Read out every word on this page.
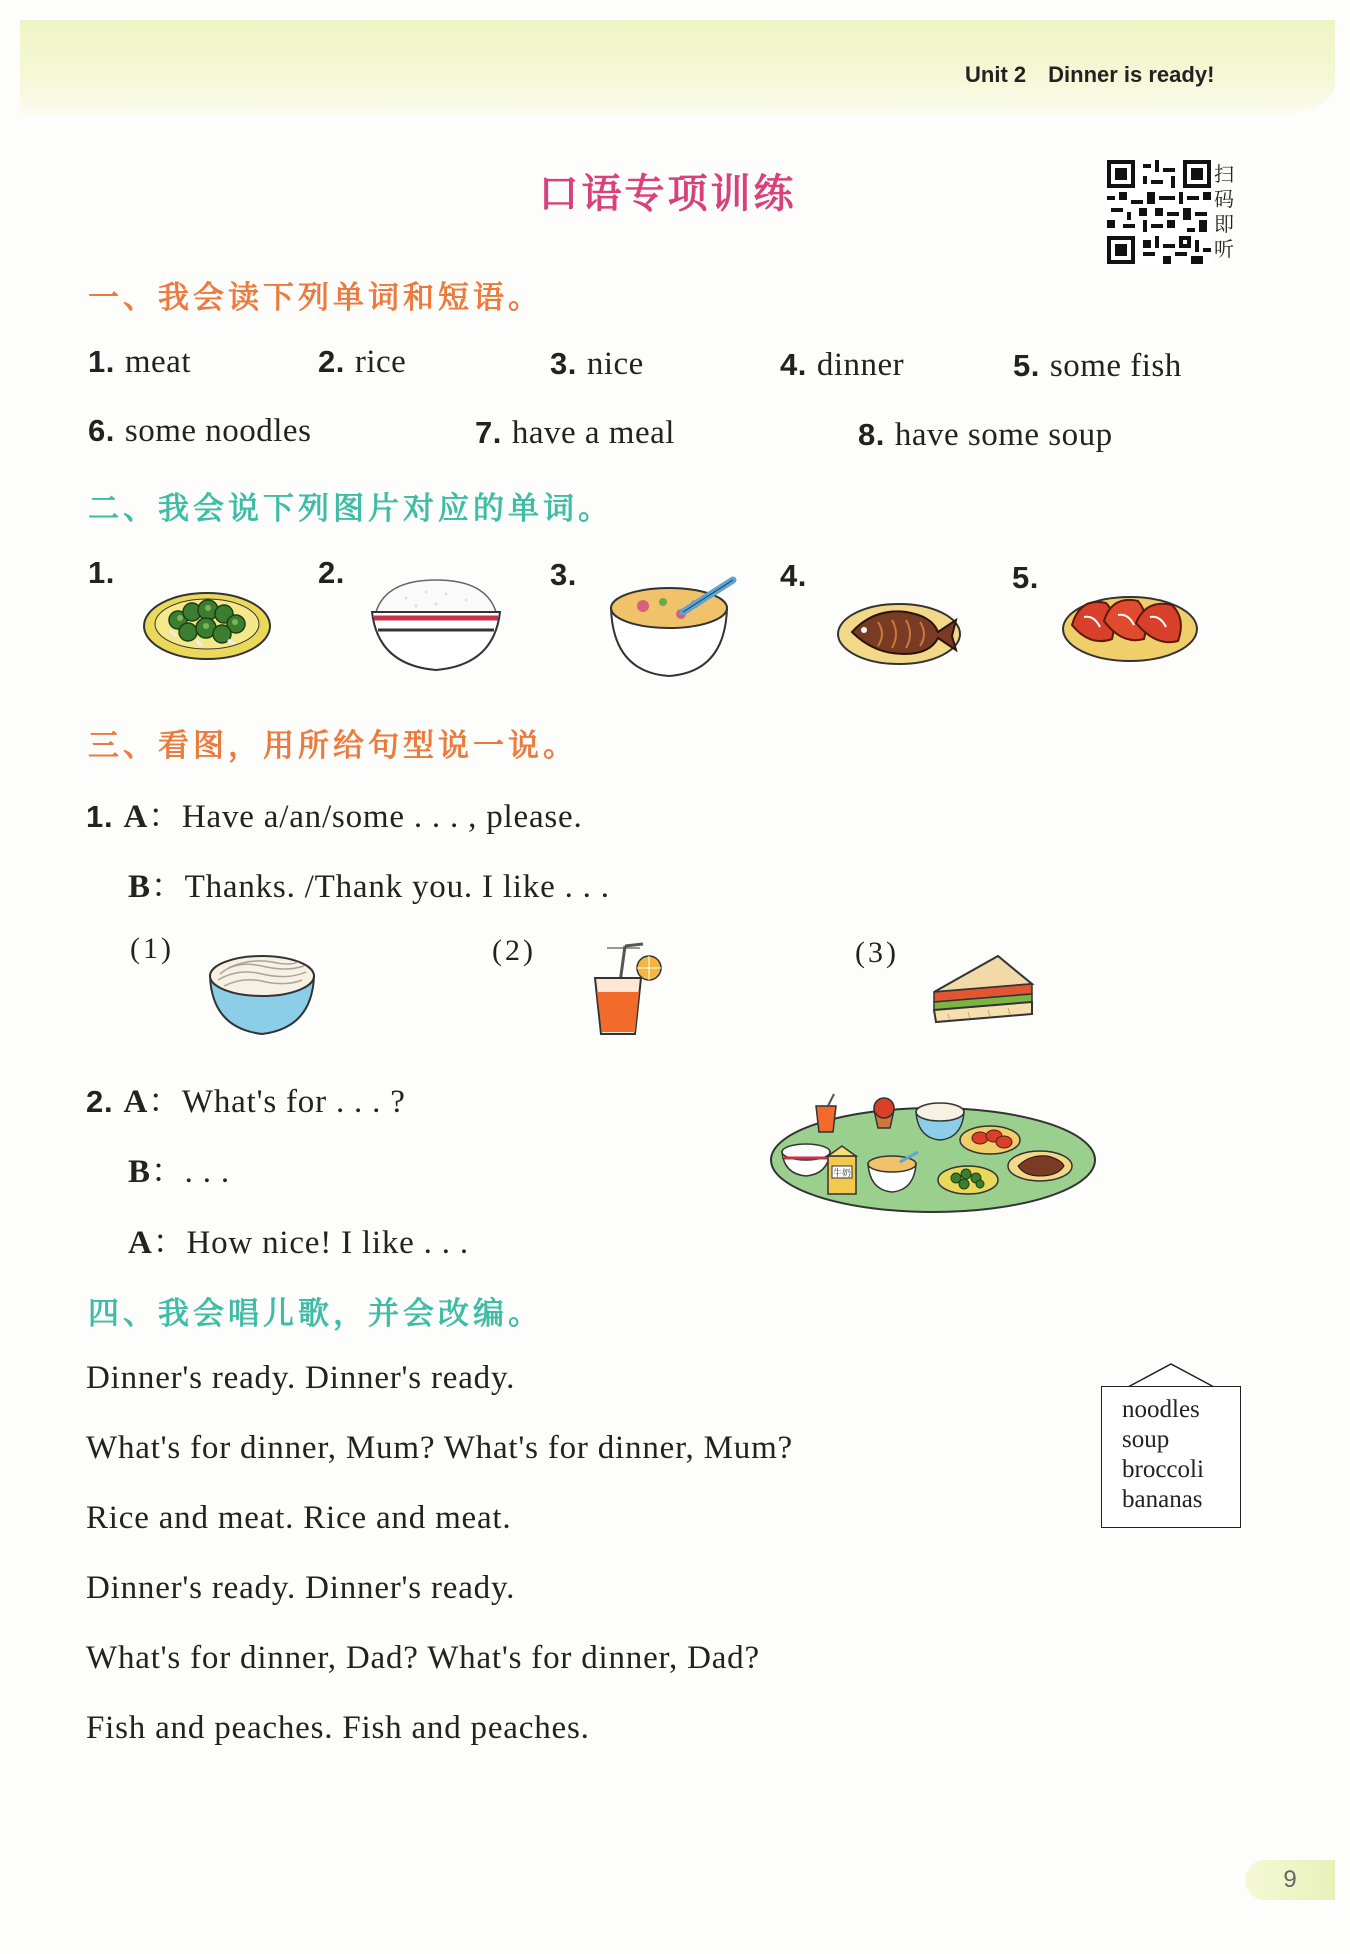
Unit 2 Dinner is ready!
口语专项训练	扫
码
即
听
一、我会读下列单词和短语。
1. meat	2. rice	3. nice	4. dinner	5. some fish
6. some noodles	7. have a meal	8. have some soup
二、我会说下列图片对应的单词。
1.	2.	3.	4.	5.
三、看图，用所给句型说一说。
1. A：Have a/an/some . . . , please.
B：Thanks. /Thank you. I like . . .
(1)	(2)	(3)
2. A：What's for . . . ?
B：. . .
A：How nice! I like . . .
牛奶
四、我会唱儿歌，并会改编。
Dinner's ready. Dinner's ready.
What's for dinner, Mum? What's for dinner, Mum?
Rice and meat. Rice and meat.
Dinner's ready. Dinner's ready.
What's for dinner, Dad? What's for dinner, Dad?
Fish and peaches. Fish and peaches.
noodles
soup
broccoli
bananas
9
